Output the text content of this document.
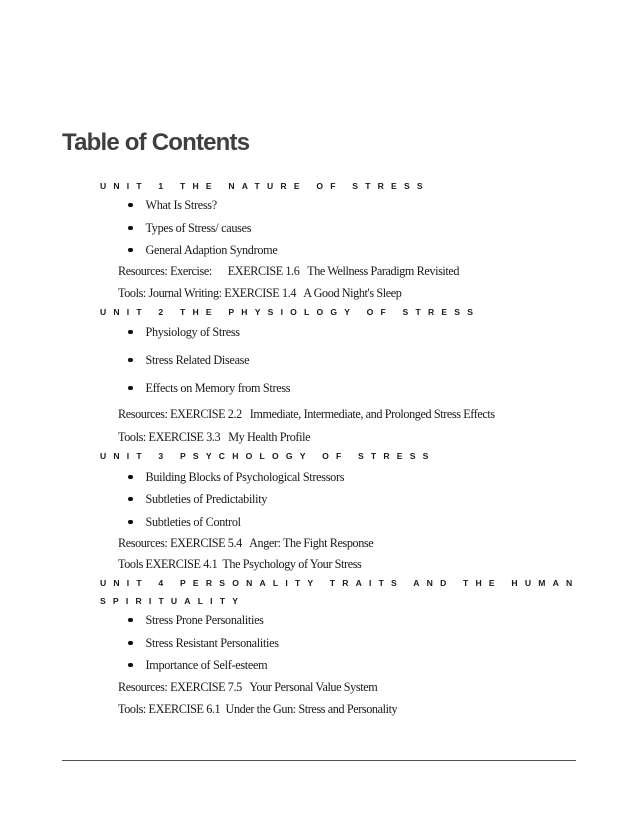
Table of Contents
UNIT 1 THE NATURE OF STRESS
What Is Stress?
Types of Stress/ causes
General Adaption Syndrome
Resources: Exercise:      EXERCISE 1.6   The Wellness Paradigm Revisited
Tools: Journal Writing: EXERCISE 1.4   A Good Night's Sleep
UNIT 2 THE PHYSIOLOGY OF STRESS
Physiology of Stress
Stress Related Disease
Effects on Memory from Stress
Resources: EXERCISE 2.2   Immediate, Intermediate, and Prolonged Stress Effects
Tools: EXERCISE 3.3   My Health Profile
UNIT 3 PSYCHOLOGY OF STRESS
Building Blocks of Psychological Stressors
Subtleties of Predictability
Subtleties of Control
Resources: EXERCISE 5.4   Anger: The Fight Response
Tools EXERCISE 4.1  The Psychology of Your Stress
UNIT 4 PERSONALITY TRAITS AND THE HUMAN
SPIRITUALITY
Stress Prone Personalities
Stress Resistant Personalities
Importance of Self-esteem
Resources: EXERCISE 7.5   Your Personal Value System
Tools: EXERCISE 6.1  Under the Gun: Stress and Personality
